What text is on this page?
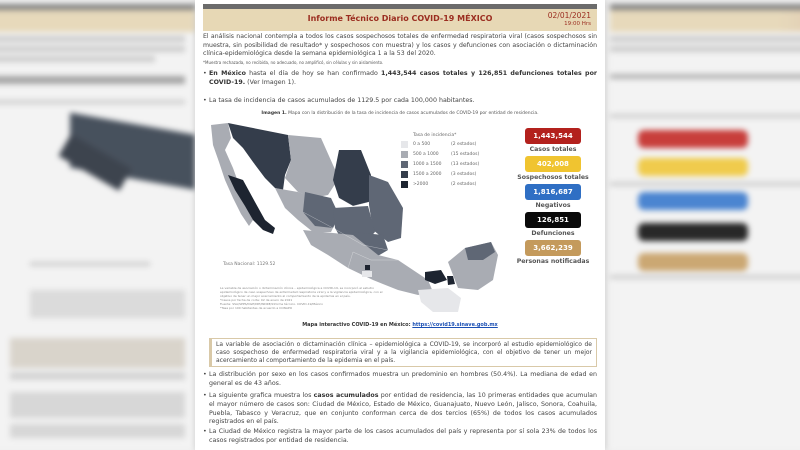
Informe Técnico Diario COVID-19 MÉXICO	02/01/2021
19:00 Hrs
El análisis nacional contempla a todos los casos sospechosos totales de enfermedad respiratoria viral (casos sospechosos sin muestra, sin posibilidad de resultado* y sospechosos con muestra) y los casos y defunciones con asociación o dictaminación clínica-epidemiológica desde la semana epidemiológica 1 a la 53 del 2020.
*Muestra rechazada, no recibida, no adecuado, no amplificó, sin células y sin aislamiento.
• En México hasta el día de hoy se han confirmado 1,443,544 casos totales y 126,851 defunciones totales por COVID-19. (Ver Imagen 1).
• La tasa de incidencia de casos acumulados de 1129.5 por cada 100,000 habitantes.
Imagen 1. Mapa con la distribución de la tasa de incidencia de casos acumulados de COVID-19 por entidad de residencia.
Tasa de incidencia*
0 a 500	(2 estados)
500 a 1000	(15 estados)
1000 a 1500	(13 estados)
1500 a 2000	(3 estados)
>2000	(2 estados)
Tasa Nacional: 1129.52
La variable de asociación o dictaminación clínica – epidemiológica a COVID-19, se incorporó al estudio epidemiológico de caso sospechoso de enfermedad respiratoria viral y a la vigilancia epidemiológica, con el objetivo de tener un mejor acercamiento al comportamiento de la epidemia en el país.
*Casos por fecha de corte: 02 de enero de 2021
Fuente: SSA/SPPS/DGE/DIE/INDRE/Informe técnico. COVID-19/México
*Tasa por 100 habitantes de acuerdo a CONAPO
1,443,544
Casos totales
402,008
Sospechosos totales
1,816,687
Negativos
126,851
Defunciones
3,662,239
Personas notificadas
Mapa interactivo COVID-19 en México: https://covid19.sinave.gob.mx
La variable de asociación o dictaminación clínica – epidemiológica a COVID-19, se incorporó al estudio epidemiológico de caso sospechoso de enfermedad respiratoria viral y a la vigilancia epidemiológica, con el objetivo de tener un mejor acercamiento al comportamiento de la epidemia en el país.
• La distribución por sexo en los casos confirmados muestra un predominio en hombres (50.4%). La mediana de edad en general es de 43 años.
• La siguiente grafica muestra los casos acumulados por entidad de residencia, las 10 primeras entidades que acumulan el mayor número de casos son: Ciudad de México, Estado de México, Guanajuato, Nuevo León, Jalisco, Sonora, Coahuila, Puebla, Tabasco y Veracruz, que en conjunto conforman cerca de dos tercios (65%) de todos los casos acumulados registrados en el país.
• La Ciudad de México registra la mayor parte de los casos acumulados del país y representa por sí sola 23% de todos los casos registrados por entidad de residencia.
